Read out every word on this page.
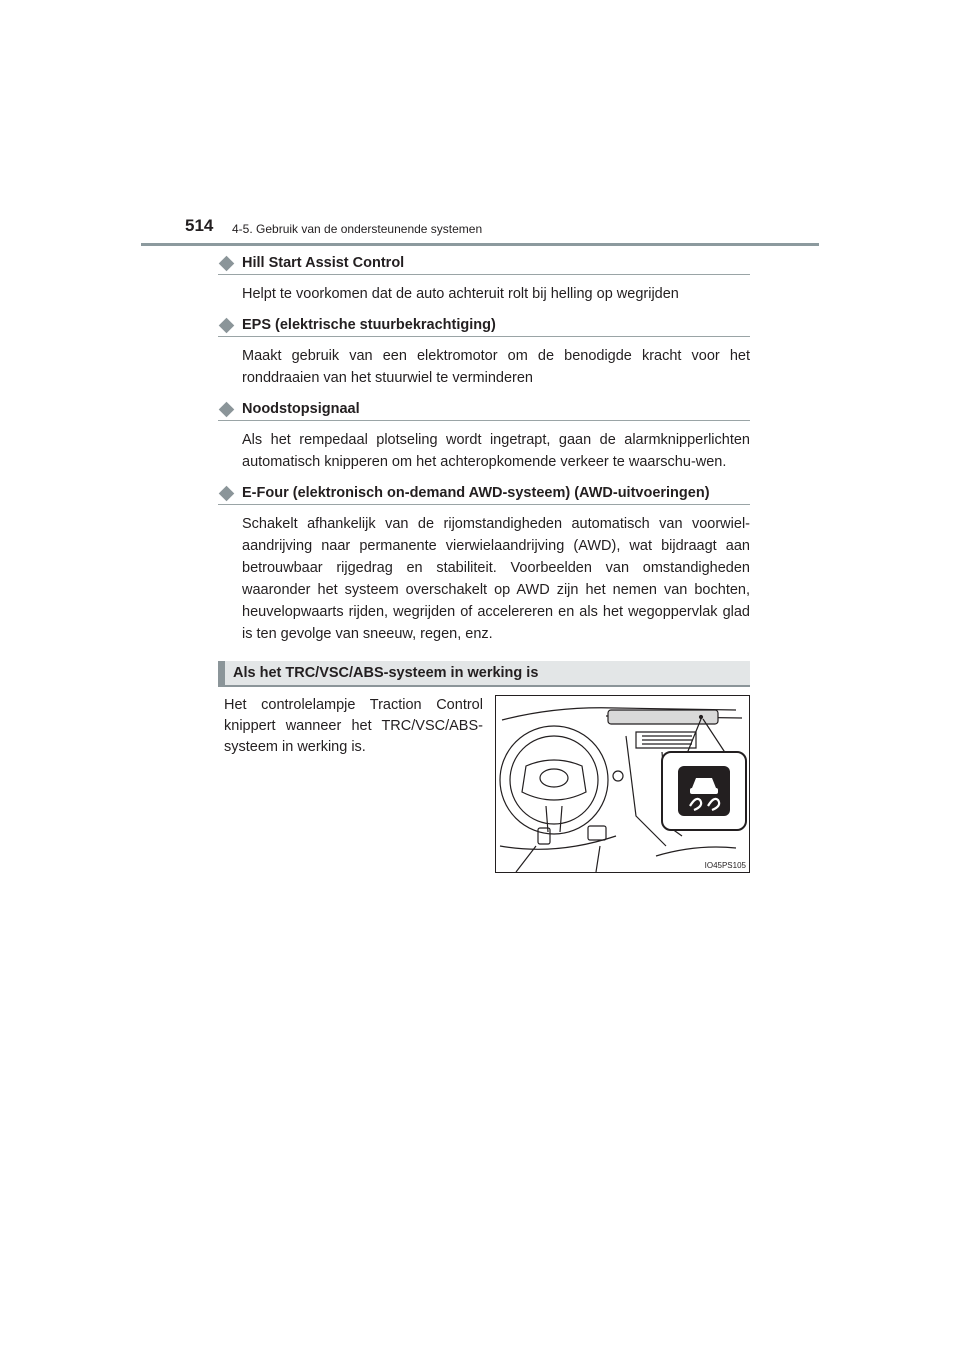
514 4-5. Gebruik van de ondersteunende systemen
Hill Start Assist Control

Helpt te voorkomen dat de auto achteruit rolt bij helling op wegrijden

EPS (elektrische stuurbekrachtiging)

Maakt gebruik van een elektromotor om de benodigde kracht voor het ronddraaien van het stuurwiel te verminderen

Noodstopsignaal

Als het rempedaal plotseling wordt ingetrapt, gaan de alarmknipperlichten automatisch knipperen om het achteropkomende verkeer te waarschu-wen.

E-Four (elektronisch on-demand AWD-systeem) (AWD-uitvoeringen)

Schakelt afhankelijk van de rijomstandigheden automatisch van voorwiel-aandrijving naar permanente vierwielaandrijving (AWD), wat bijdraagt aan betrouwbaar rijgedrag en stabiliteit. Voorbeelden van omstandigheden waaronder het systeem overschakelt op AWD zijn het nemen van bochten, heuvelopwaarts rijden, wegrijden of accelereren en als het wegoppervlak glad is ten gevolge van sneeuw, regen, enz.

Als het TRC/VSC/ABS-systeem in werking is

Het controlelampje Traction Control knippert wanneer het TRC/VSC/ABS-systeem in werking is.

IO45PS105
